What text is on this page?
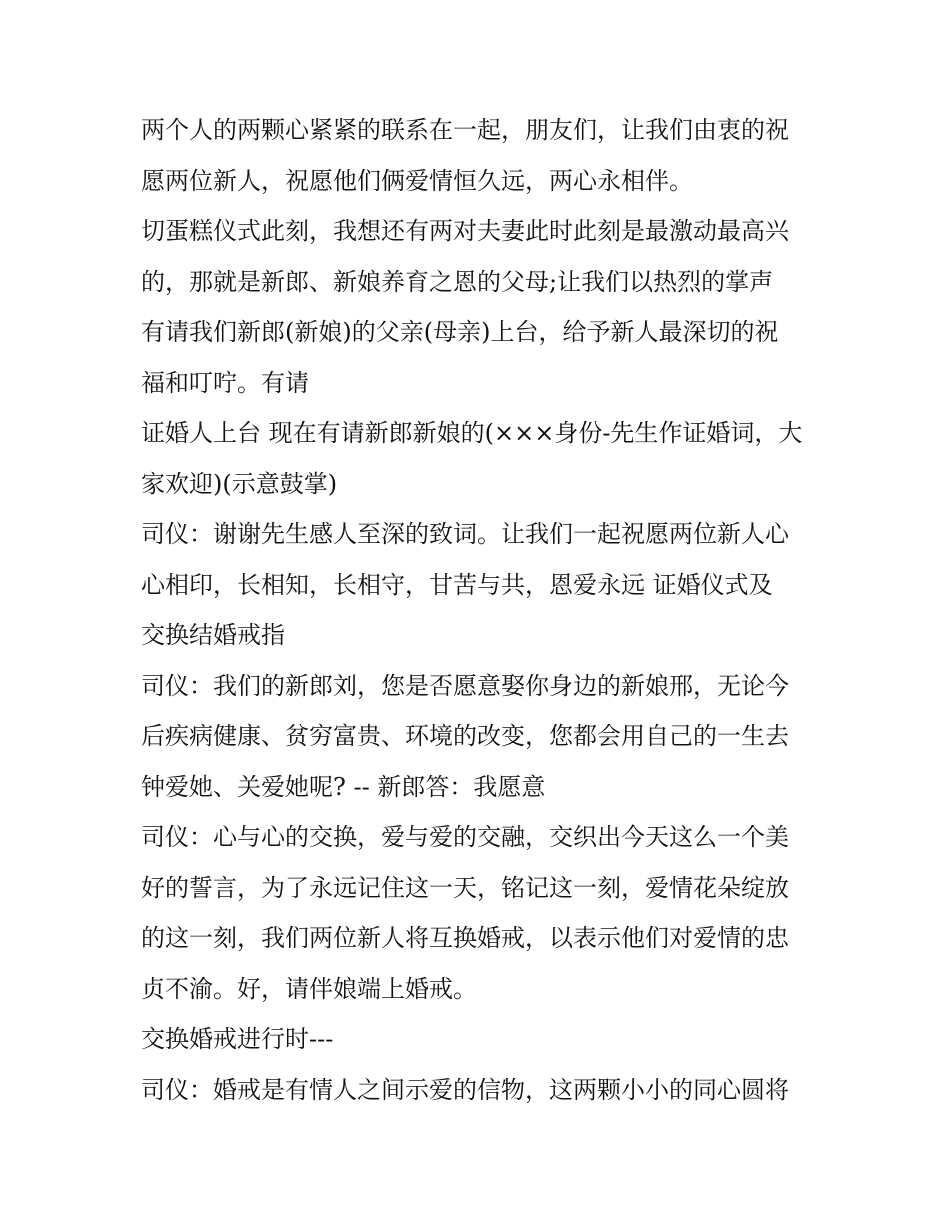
两个人的两颗心紧紧的联系在一起，朋友们，让我们由衷的祝
愿两位新人，祝愿他们俩爱情恒久远，两心永相伴。
切蛋糕仪式此刻，我想还有两对夫妻此时此刻是最激动最高兴
的，那就是新郎、新娘养育之恩的父母;让我们以热烈的掌声
有请我们新郎(新娘)的父亲(母亲)上台，给予新人最深切的祝
福和叮咛。有请
证婚人上台 现在有请新郎新娘的(×××身份-先生作证婚词，大
家欢迎)(示意鼓掌)
司仪：谢谢先生感人至深的致词。让我们一起祝愿两位新人心
心相印，长相知，长相守，甘苦与共，恩爱永远 证婚仪式及
交换结婚戒指
司仪：我们的新郎刘，您是否愿意娶你身边的新娘邢，无论今
后疾病健康、贫穷富贵、环境的改变，您都会用自己的一生去
钟爱她、关爱她呢? -- 新郎答：我愿意
司仪：心与心的交换，爱与爱的交融，交织出今天这么一个美
好的誓言，为了永远记住这一天，铭记这一刻，爱情花朵绽放
的这一刻，我们两位新人将互换婚戒，以表示他们对爱情的忠
贞不渝。好，请伴娘端上婚戒。
交换婚戒进行时---
司仪：婚戒是有情人之间示爱的信物，这两颗小小的同心圆将
